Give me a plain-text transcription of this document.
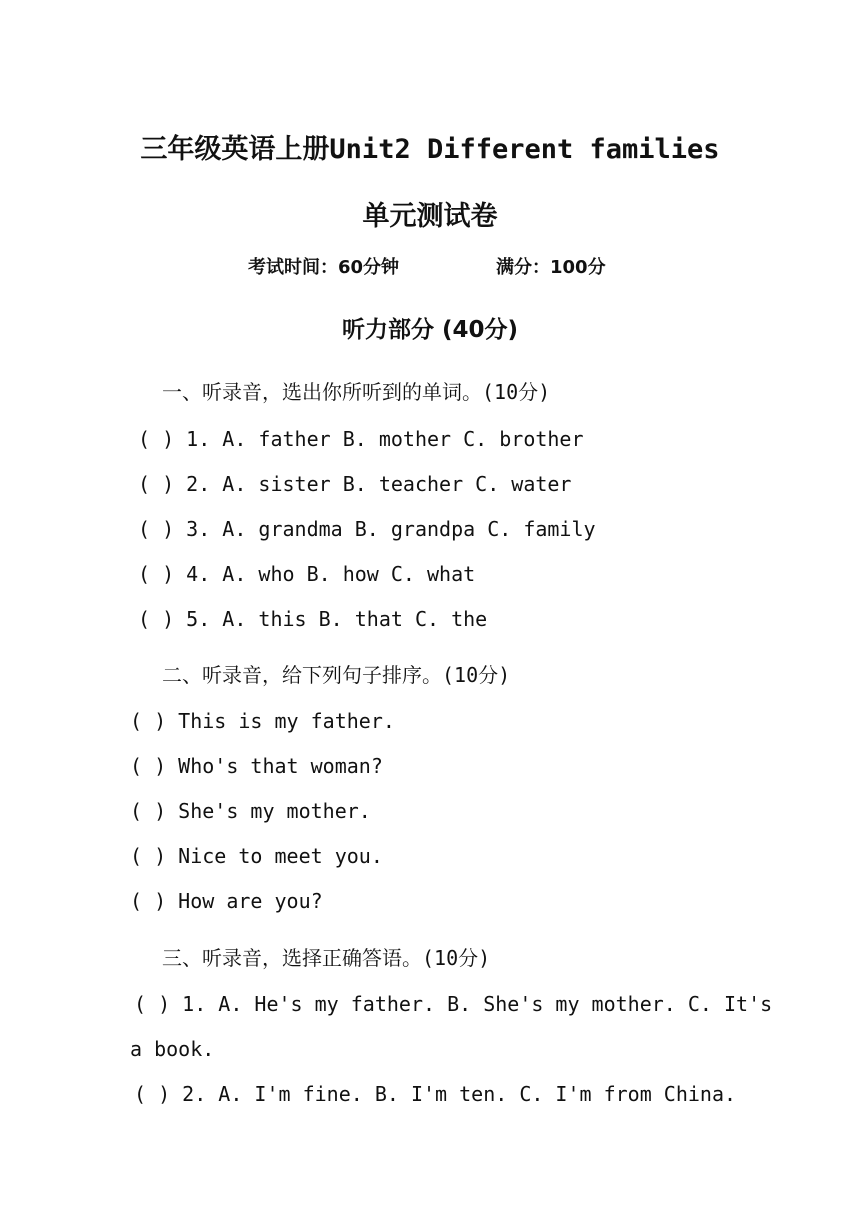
三年级英语上册Unit2 Different families
单元测试卷
考试时间：60分钟	满分：100分
听力部分 (40分)
一、听录音，选出你所听到的单词。(10分)
( ) 1. A. father B. mother C. brother
( ) 2. A. sister B. teacher C. water
( ) 3. A. grandma B. grandpa C. family
( ) 4. A. who B. how C. what
( ) 5. A. this B. that C. the
二、听录音，给下列句子排序。(10分)
( ) This is my father.
( ) Who's that woman?
( ) She's my mother.
( ) Nice to meet you.
( ) How are you?
三、听录音，选择正确答语。(10分)
( ) 1. A. He's my father. B. She's my mother. C. It's
a book.
( ) 2. A. I'm fine. B. I'm ten. C. I'm from China.
